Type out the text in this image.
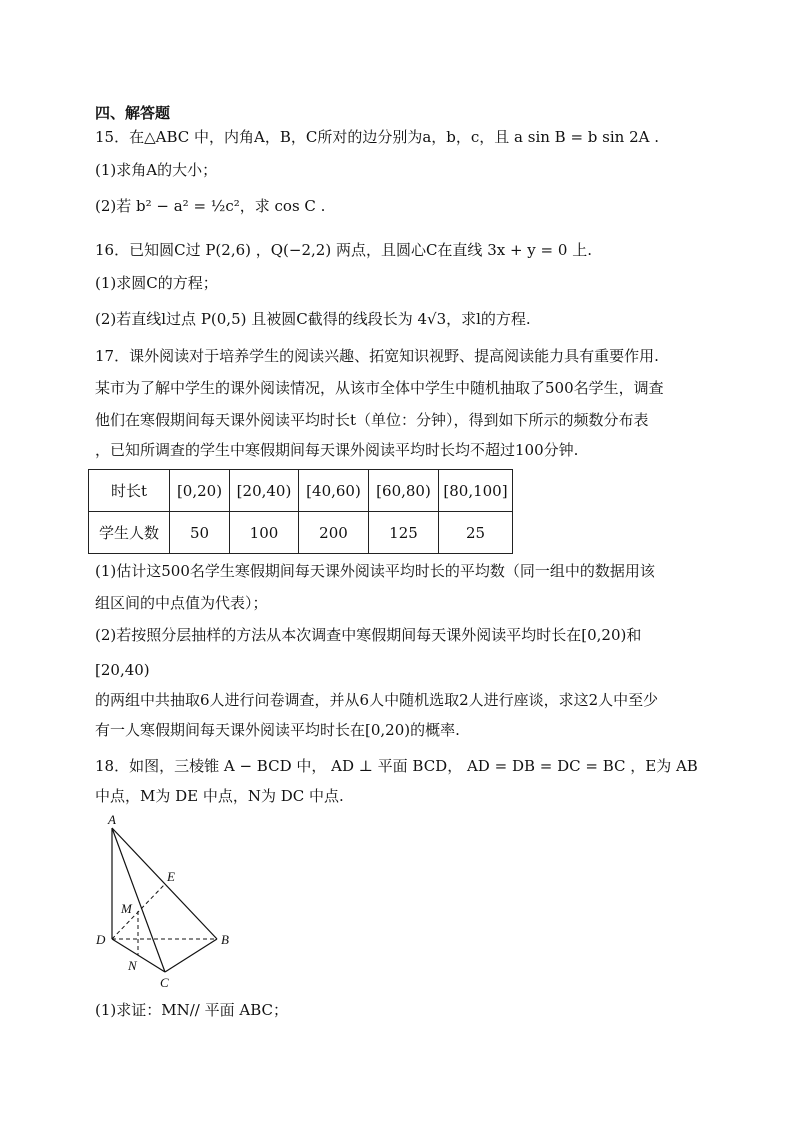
四、解答题
15．在△ABC 中，内角A，B，C所对的边分别为a，b，c，且 a sin B = b sin 2A .
(1)求角A的大小；
(2)若 b² − a² = ½c²，求 cos C .
16．已知圆C过 P(2,6) ，Q(−2,2) 两点，且圆心C在直线 3x + y = 0 上.
(1)求圆C的方程；
(2)若直线l过点 P(0,5) 且被圆C截得的线段长为 4√3，求l的方程.
17．课外阅读对于培养学生的阅读兴趣、拓宽知识视野、提高阅读能力具有重要作用.
某市为了解中学生的课外阅读情况，从该市全体中学生中随机抽取了500名学生，调查
他们在寒假期间每天课外阅读平均时长t（单位：分钟），得到如下所示的频数分布表
，已知所调查的学生中寒假期间每天课外阅读平均时长均不超过100分钟.
时长t	[0,20)	[20,40)	[40,60)	[60,80)	[80,100]
学生人数	50	100	200	125	25
(1)估计这500名学生寒假期间每天课外阅读平均时长的平均数（同一组中的数据用该
组区间的中点值为代表）；
(2)若按照分层抽样的方法从本次调查中寒假期间每天课外阅读平均时长在[0,20)和
[20,40)
的两组中共抽取6人进行问卷调查，并从6人中随机选取2人进行座谈，求这2人中至少
有一人寒假期间每天课外阅读平均时长在[0,20)的概率.
18．如图，三棱锥 A − BCD 中， AD ⊥ 平面 BCD， AD = DB = DC = BC ，E为 AB
中点，M为 DE 中点，N为 DC 中点.
A
B
C
D
E
M
N
(1)求证：MN// 平面 ABC；
